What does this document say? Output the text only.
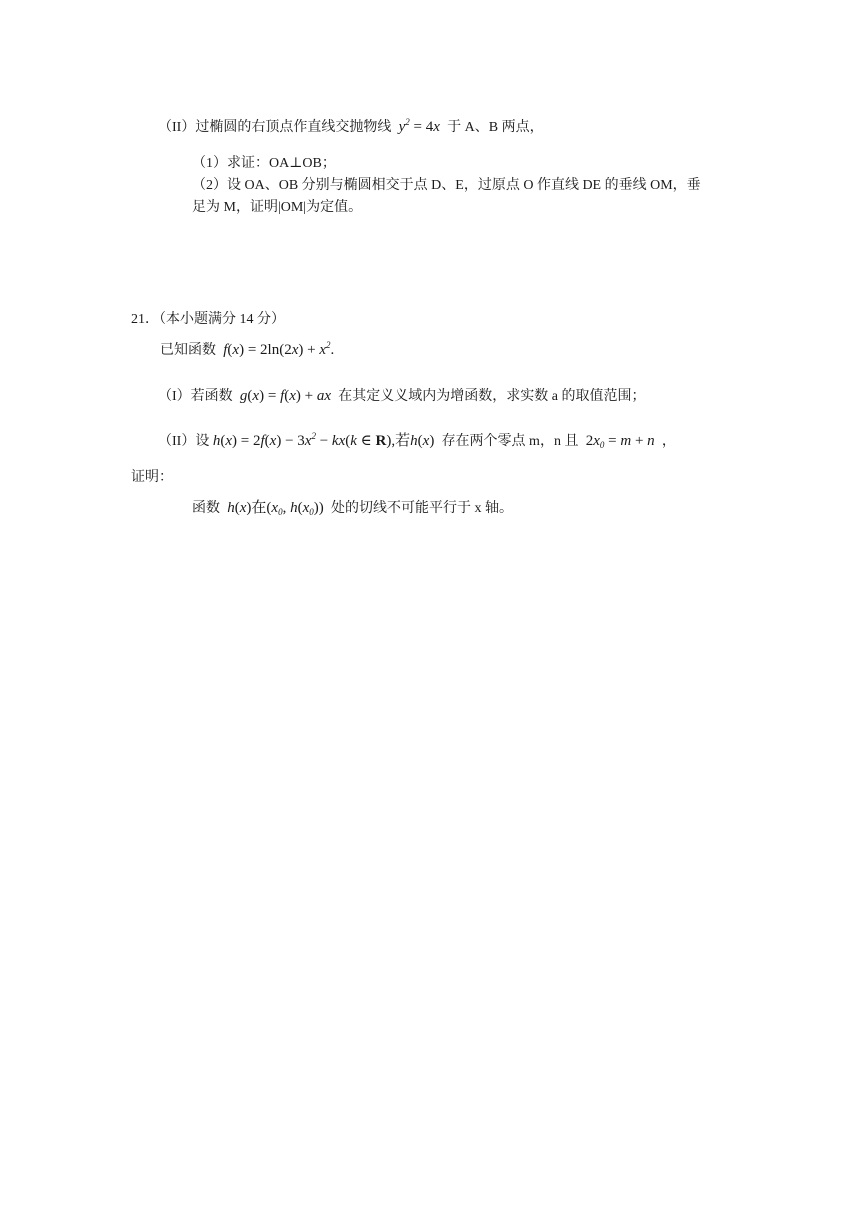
（II）过椭圆的右顶点作直线交抛物线  $y^2 = 4x$  于 A、B 两点，
（1）求证：OA⊥OB；
（2）设 OA、OB 分别与椭圆相交于点 D、E，过原点 O 作直线 DE 的垂线 OM，垂
足为 M，证明|OM|为定值。
21．（本小题满分 14 分）
已知函数  $f(x) = 2\ln(2x) + x^2$.
（I）若函数  g(x) = f(x) + ax  在其定义义域内为增函数，求实数 a 的取值范围；
（II）设 $h(x) = 2f(x) - 3x^2 - kx(k$ ∈ R),若h(x) 存在两个零点 m，n 且 $2x_0 = m + n$  ，
证明：
函数  h(x)在($x_0$, $h(x_0)$) 处的切线不可能平行于 x 轴。
